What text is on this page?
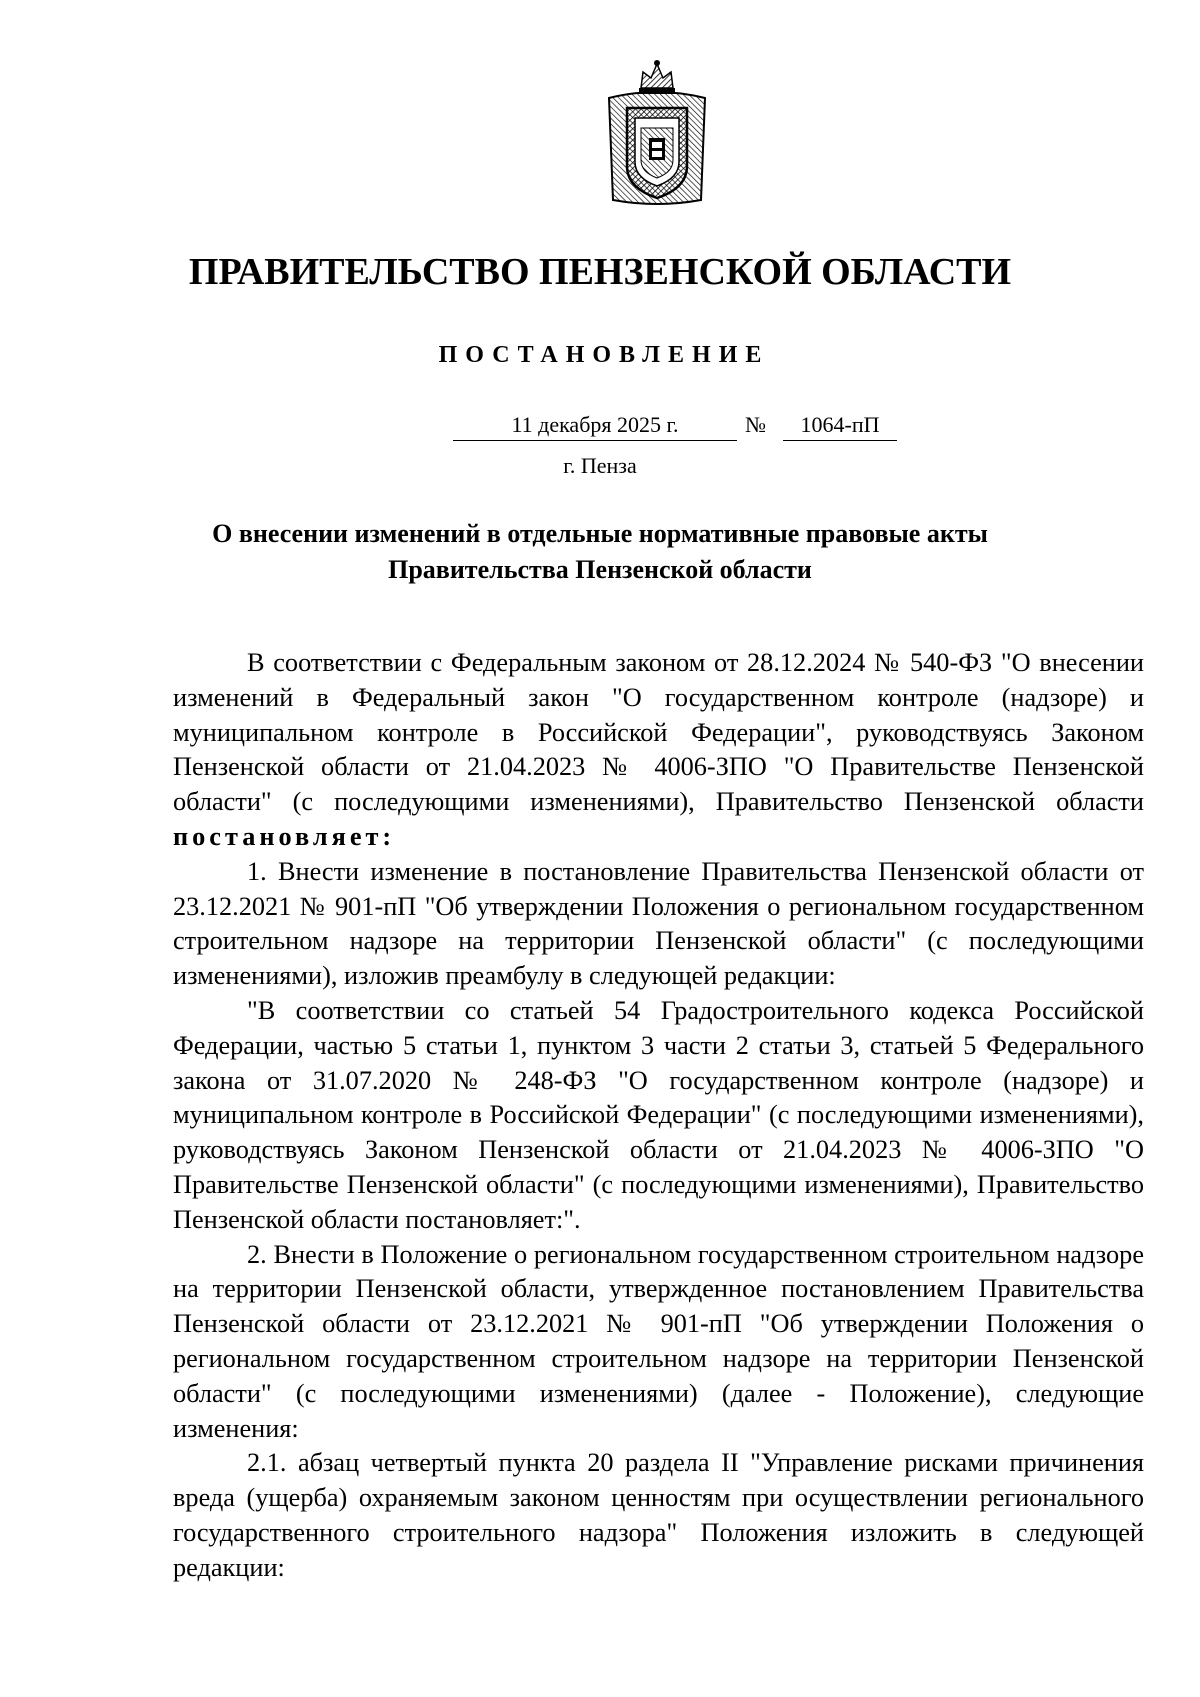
ПРАВИТЕЛЬСТВО ПЕНЗЕНСКОЙ ОБЛАСТИ
ПОСТАНОВЛЕНИЕ
11 декабря 2025 г.	№	1064-пП
г. Пенза
О внесении изменений в отдельные нормативные правовые акты
Правительства Пензенской области

В соответствии с Федеральным законом от 28.12.2024 № 540-ФЗ "О внесении изменений в Федеральный закон "О государственном контроле (надзоре) и муниципальном контроле в Российской Федерации", руководствуясь Законом Пензенской области от 21.04.2023 № 4006-ЗПО "О Правительстве Пензенской области" (с последующими изменениями), Правительство Пензенской области постановляет:

1. Внести изменение в постановление Правительства Пензенской области от 23.12.2021 № 901-пП "Об утверждении Положения о региональном государственном строительном надзоре на территории Пензенской области" (с последующими изменениями), изложив преамбулу в следующей редакции:

"В соответствии со статьей 54 Градостроительного кодекса Российской Федерации, частью 5 статьи 1, пунктом 3 части 2 статьи 3, статьей 5 Федерального закона от 31.07.2020 № 248-ФЗ "О государственном контроле (надзоре) и муниципальном контроле в Российской Федерации" (с последующими изменениями), руководствуясь Законом Пензенской области от 21.04.2023 № 4006-ЗПО "О Правительстве Пензенской области" (с последующими изменениями), Правительство Пензенской области постановляет:".

2. Внести в Положение о региональном государственном строительном надзоре на территории Пензенской области, утвержденное постановлением Правительства Пензенской области от 23.12.2021 № 901-пП "Об утверждении Положения о региональном государственном строительном надзоре на территории Пензенской области" (с последующими изменениями) (далее - Положение), следующие изменения:

2.1. абзац четвертый пункта 20 раздела II "Управление рисками причинения вреда (ущерба) охраняемым законом ценностям при осуществлении регионального государственного строительного надзора" Положения изложить в следующей редакции:
